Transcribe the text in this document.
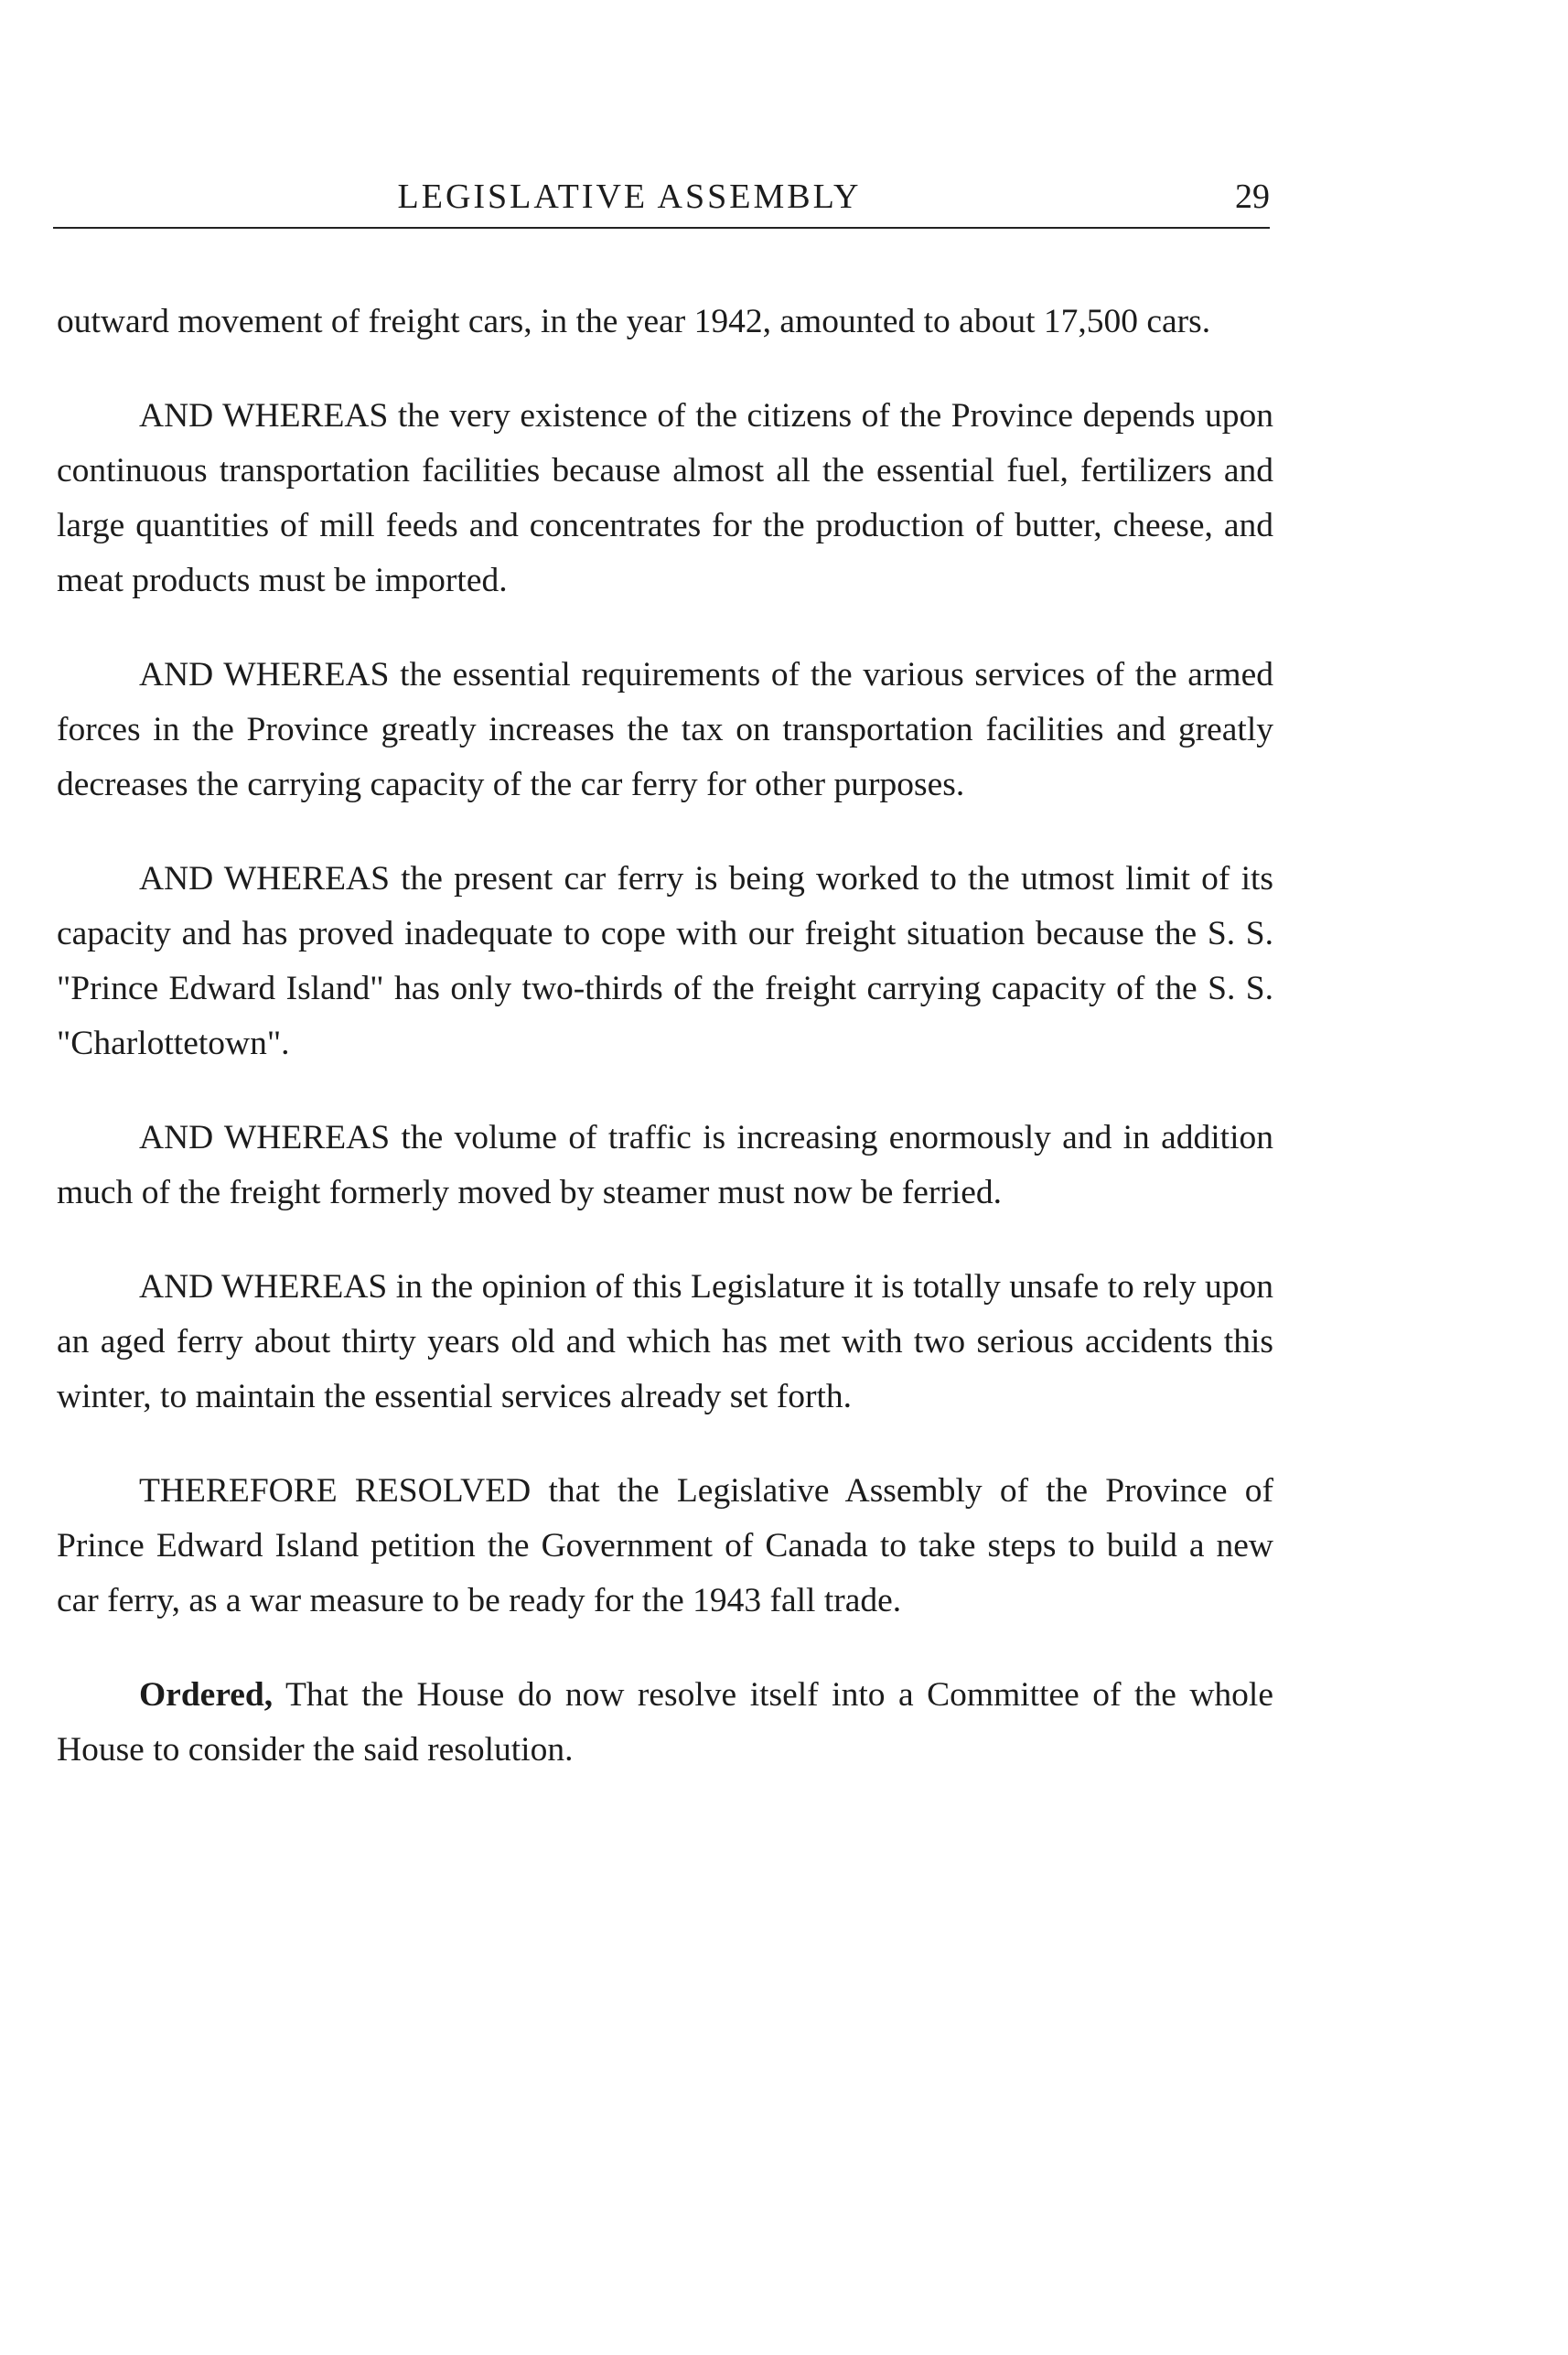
LEGISLATIVE ASSEMBLY	29

outward movement of freight cars, in the year 1942, amounted to about 17,500 cars.

AND WHEREAS the very existence of the citizens of the Province depends upon continuous transportation facilities because almost all the essential fuel, fertilizers and large quantities of mill feeds and concentrates for the production of butter, cheese, and meat products must be imported.

AND WHEREAS the essential requirements of the various services of the armed forces in the Province greatly increases the tax on transportation facilities and greatly decreases the carrying capacity of the car ferry for other purposes.

AND WHEREAS the present car ferry is being worked to the utmost limit of its capacity and has proved inadequate to cope with our freight situation because the S. S. "Prince Edward Island" has only two-thirds of the freight carrying capacity of the S. S. "Charlottetown".

AND WHEREAS the volume of traffic is increasing enormously and in addition much of the freight formerly moved by steamer must now be ferried.

AND WHEREAS in the opinion of this Legislature it is totally unsafe to rely upon an aged ferry about thirty years old and which has met with two serious accidents this winter, to maintain the essential services already set forth.

THEREFORE RESOLVED that the Legislative Assembly of the Province of Prince Edward Island petition the Government of Canada to take steps to build a new car ferry, as a war measure to be ready for the 1943 fall trade.

Ordered, That the House do now resolve itself into a Committee of the whole House to consider the said resolution.
